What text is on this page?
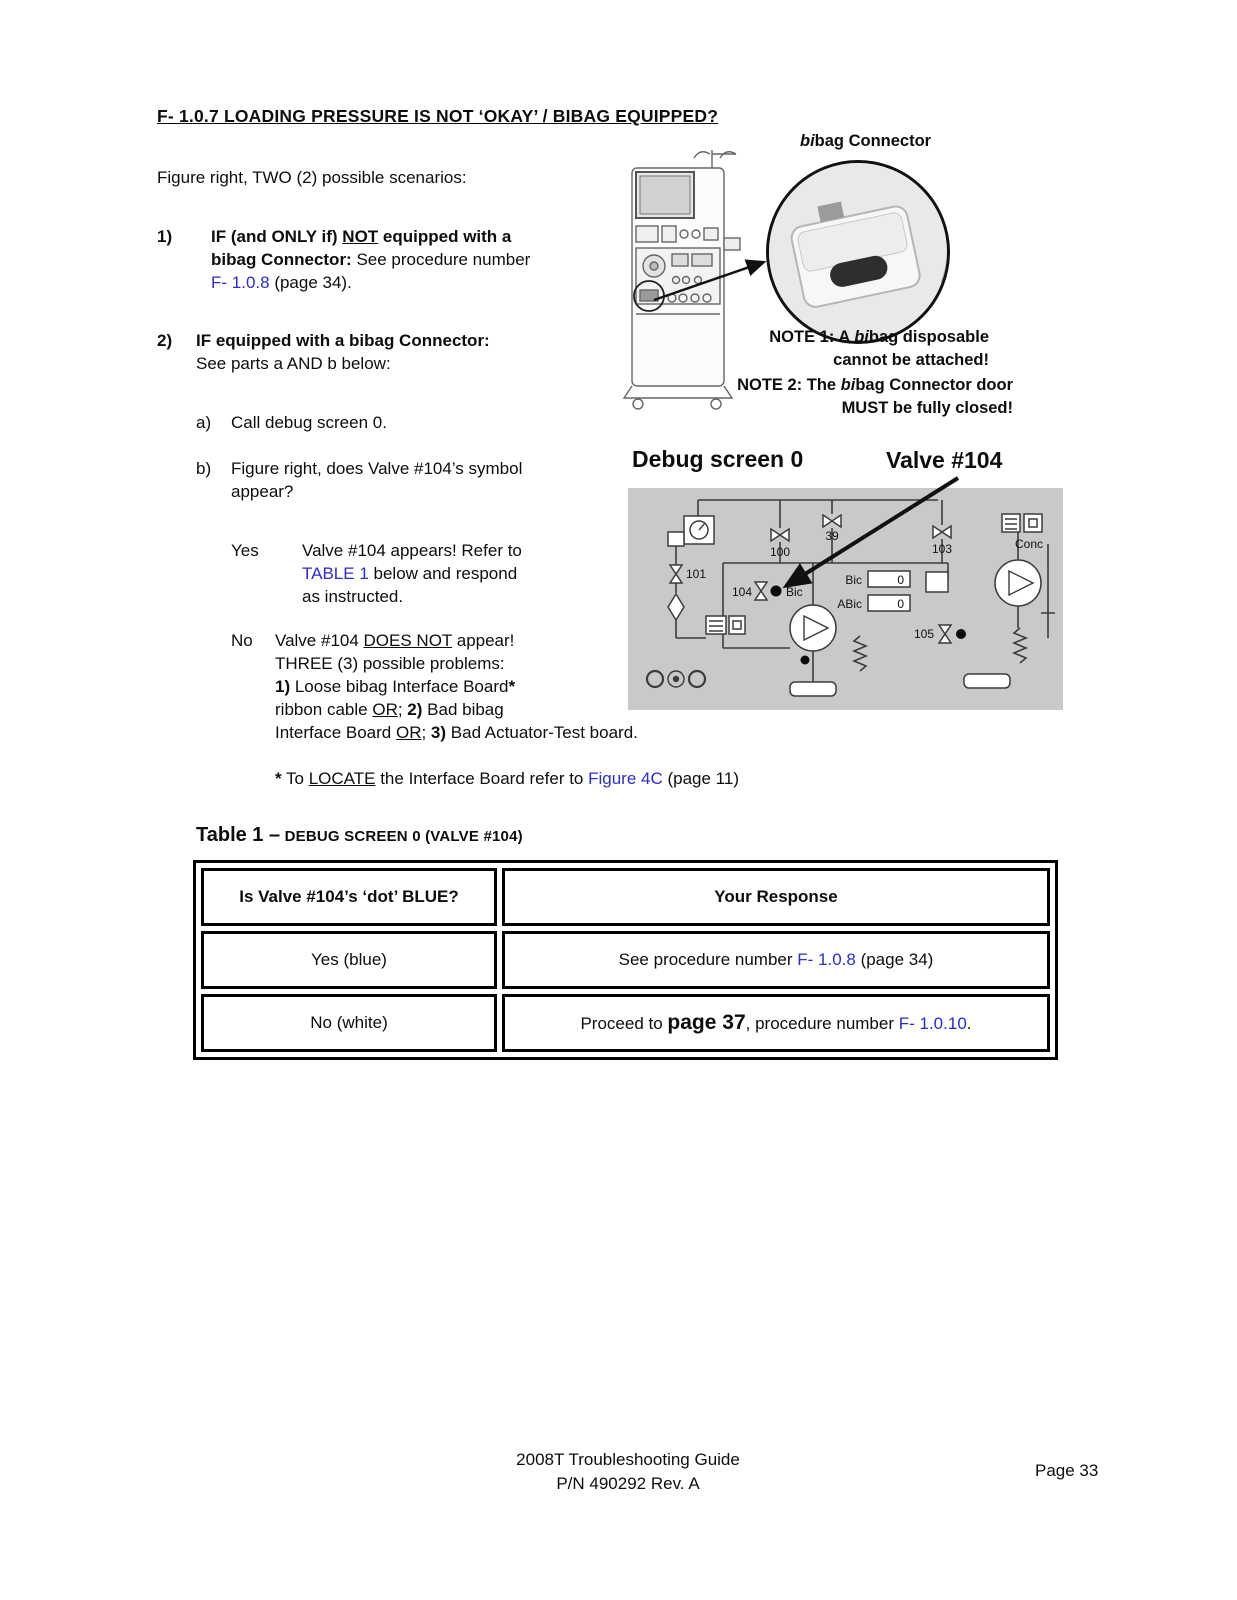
F- 1.0.7 LOADING PRESSURE IS NOT ‘OKAY’ / BIBAG EQUIPPED?
Figure right, TWO (2) possible scenarios:
1) IF (and ONLY if) NOT equipped with a
bibag Connector: See procedure number
F- 1.0.8 (page 34).
2) IF equipped with a bibag Connector:
See parts a AND b below:
a) Call debug screen 0.
b) Figure right, does Valve #104’s symbol
appear?
Yes	Valve #104 appears! Refer to
TABLE 1 below and respond
as instructed.
No Valve #104 DOES NOT appear!
THREE (3) possible problems:
1) Loose bibag Interface Board*
ribbon cable OR; 2) Bad bibag
Interface Board OR; 3) Bad Actuator-Test board.
* To LOCATE the Interface Board refer to Figure 4C (page 11)
bibag Connector
NOTE 1: A bibag disposable
cannot be attached!
NOTE 2: The bibag Connector door
MUST be fully closed!
Debug screen 0	Valve #104
100
39
103	Conc
101
104	Bic
Bic	0
ABic	0
105
Table 1 – DEBUG SCREEN 0 (VALVE #104)
Is Valve #104’s ‘dot’ BLUE?	Your Response
Yes (blue)	See procedure number F- 1.0.8 (page 34)
No (white)	Proceed to page 37, procedure number F- 1.0.10.
2008T Troubleshooting Guide
P/N 490292 Rev. A
Page 33
